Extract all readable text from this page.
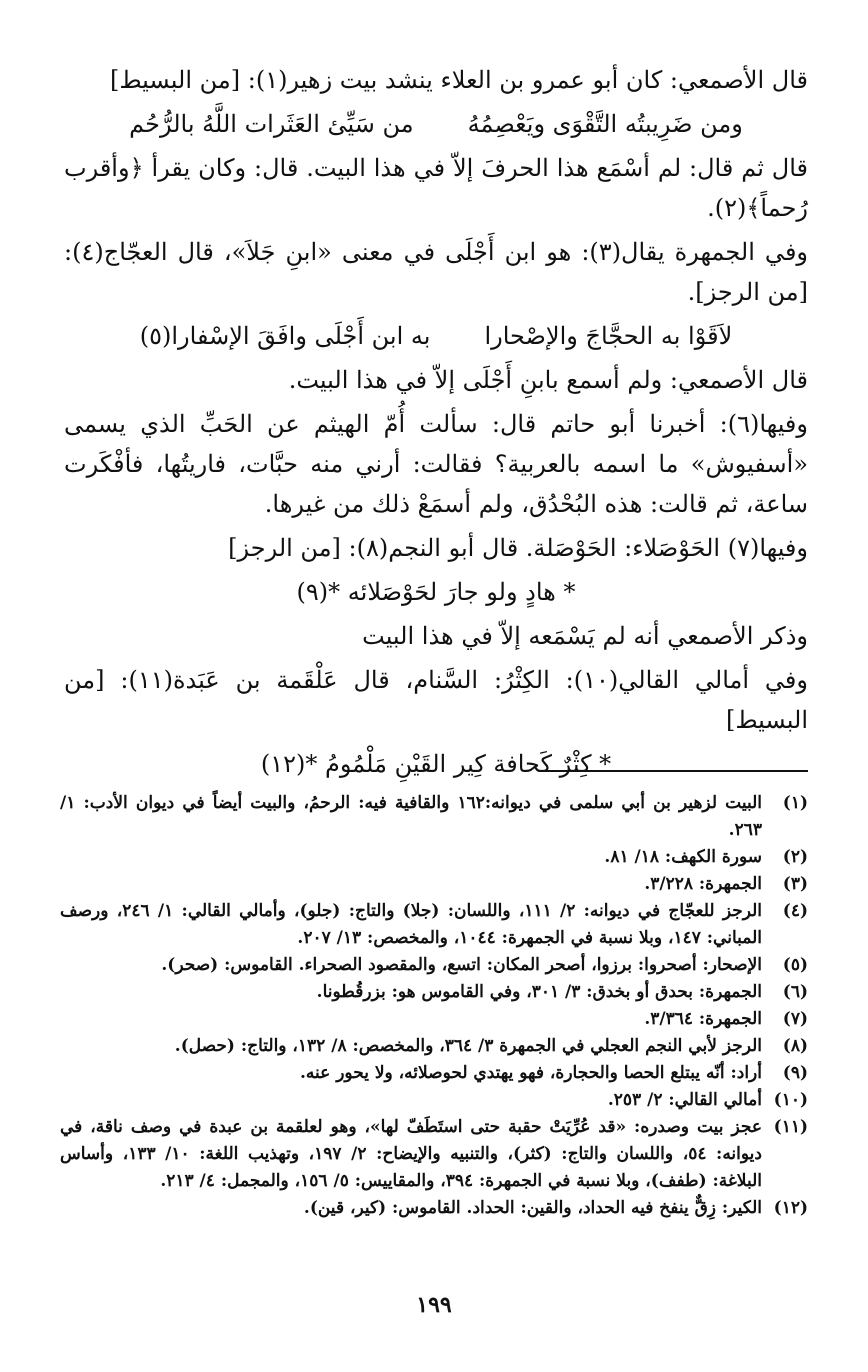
قال الأصمعي: كان أبو عمرو بن العلاء ينشد بيت زهير(١): [من البسيط]

ومن ضَرِيبتُه التَّقْوَى ويَعْصِمُهُ
من سَيِّئ العَثَرات اللَّهُ بالرُّحُم

قال ثم قال: لم أسْمَع هذا الحرفَ إلاّ في هذا البيت. قال: وكان يقرأ ﴿وأقرب رُحماً﴾(٢).

وفي الجمهرة يقال(٣): هو ابن أَجْلَى في معنى «ابنِ جَلاَ»، قال العجّاج(٤): [من الرجز].

لاَقَوْا به الحجَّاجَ والإصْحارا
به ابن أَجْلَى وافَقَ الإسْفارا(٥)

قال الأصمعي: ولم أسمع بابنِ أَجْلَى إلاّ في هذا البيت.

وفيها(٦): أخبرنا أبو حاتم قال: سألت أُمّ الهيثم عن الحَبِّ الذي يسمى «أسفيوش» ما اسمه بالعربية؟ فقالت: أرني منه حبَّات، فاريتُها، فأفْكَرت ساعة، ثم قالت: هذه البُحْدُق، ولم أسمَعْ ذلك من غيرها.

وفيها(٧) الحَوْصَلاء: الحَوْصَلة. قال أبو النجم(٨): [من الرجز]

* هادٍ ولو جارَ لحَوْصَلائه *(٩)

وذكر الأصمعي أنه لم يَسْمَعه إلاّ في هذا البيت

وفي أمالي القالي(١٠): الكِثْرُ: السَّنام، قال عَلْقَمة بن عَبَدة(١١): [من البسيط]

* كِثْرٌ كَحافة كِير القَيْنِ مَلْمُومُ *(١٢)
(١)
البيت لزهير بن أبي سلمى في ديوانه:١٦٢ والقافية فيه: الرحمُ، والبيت أيضاً في ديوان الأدب: ١/ ٢٦٣.
(٢)
سورة الكهف: ١٨/ ٨١.
(٣)
الجمهرة: ٣/٢٢٨.
(٤)
الرجز للعجّاج في ديوانه: ٢/ ١١١، واللسان: (جلا) والتاج: (جلو)، وأمالي القالي: ١/ ٢٤٦، ورصف المباني: ١٤٧، وبلا نسبة في الجمهرة: ١٠٤٤، والمخصص: ١٣/ ٢٠٧.
(٥)
الإصحار: أصحروا: برزوا، أصحر المكان: اتسع، والمقصود الصحراء. القاموس: (صحر).
(٦)
الجمهرة: بحدق أو بخدق: ٣/ ٣٠١، وفي القاموس هو: بزرقُطونا.
(٧)
الجمهرة: ٣/٣٦٤.
(٨)
الرجز لأبي النجم العجلي في الجمهرة ٣/ ٣٦٤، والمخصص: ٨/ ١٣٢، والتاج: (حصل).
(٩)
أراد: أنّه يبتلع الحصا والحجارة، فهو يهتدي لحوصلائه، ولا يحور عنه.
(١٠)
أمالي القالي: ٢/ ٢٥٣.
(١١)
عجز بيت وصدره: «قد عُرِّيَتْ حقبة حتى استَطَفّ لها»، وهو لعلقمة بن عبدة في وصف ناقة، في ديوانه: ٥٤، واللسان والتاج: (كثر)، والتنبيه والإيضاح: ٢/ ١٩٧، وتهذيب اللغة: ١٠/ ١٣٣، وأساس البلاغة: (طفف)، وبلا نسبة في الجمهرة: ٣٩٤، والمقاييس: ٥/ ١٥٦، والمجمل: ٤/ ٢١٣.
(١٢)
الكير: زِقٌّ ينفخ فيه الحداد، والقين: الحداد. القاموس: (كير، قين).
١٩٩
